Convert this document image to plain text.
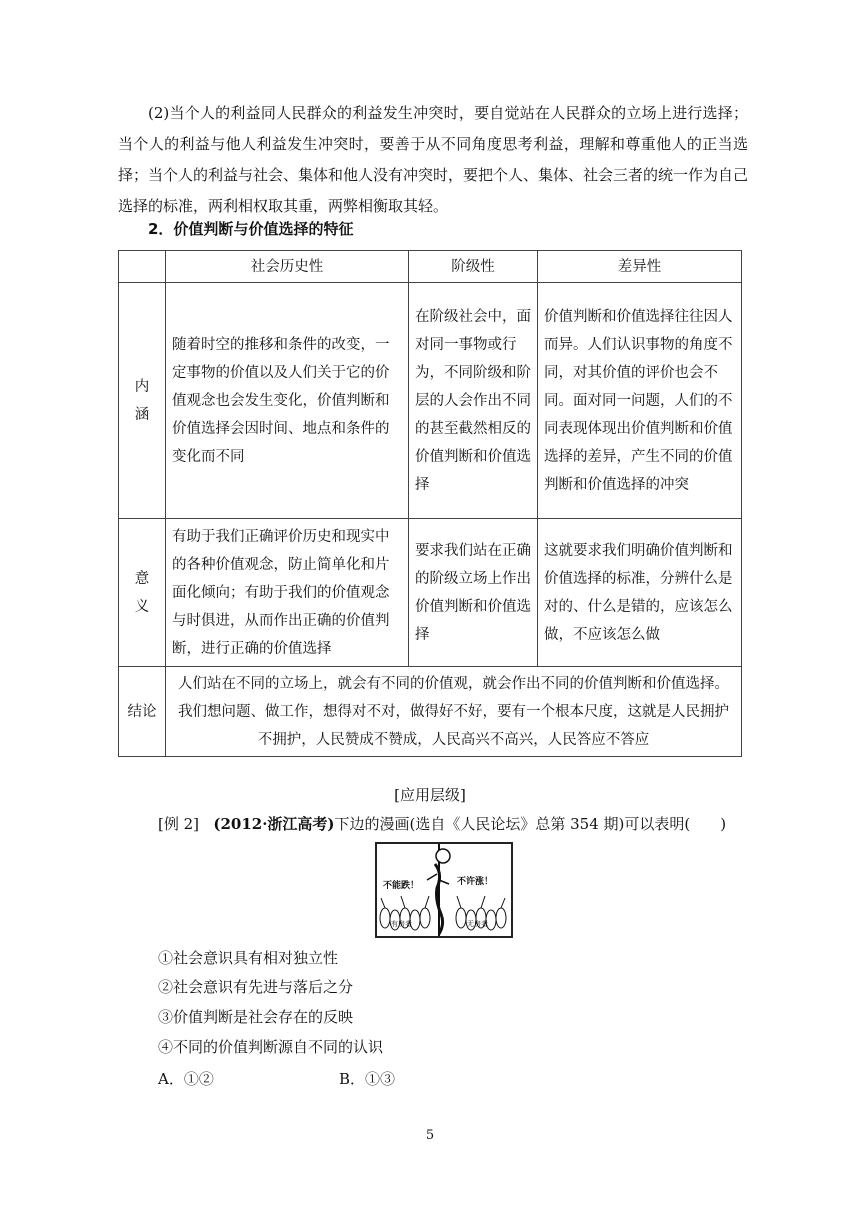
(2)当个人的利益同人民群众的利益发生冲突时，要自觉站在人民群众的立场上进行选择；当个人的利益与他人利益发生冲突时，要善于从不同角度思考利益，理解和尊重他人的正当选择；当个人的利益与社会、集体和他人没有冲突时，要把个人、集体、社会三者的统一作为自己选择的标准，两利相权取其重，两弊相衡取其轻。

2．价值判断与价值选择的特征

	社会历史性	阶级性	差异性

内
涵	随着时空的推移和条件的改变，一定事物的价值以及人们关于它的价值观念也会发生变化，价值判断和价值选择会因时间、地点和条件的变化而不同	在阶级社会中，面对同一事物或行为，不同阶级和阶层的人会作出不同的甚至截然相反的价值判断和价值选择	价值判断和价值选择往往因人而异。人们认识事物的角度不同，对其价值的评价也会不同。面对同一问题，人们的不同表现体现出价值判断和价值选择的差异，产生不同的价值判断和价值选择的冲突

意
义	有助于我们正确评价历史和现实中的各种价值观念，防止简单化和片面化倾向；有助于我们的价值观念与时俱进，从而作出正确的价值判断，进行正确的价值选择	要求我们站在正确的阶级立场上作出价值判断和价值选择	这就要求我们明确价值判断和价值选择的标准，分辨什么是对的、什么是错的，应该怎么做，不应该怎么做
结论	人们站在不同的立场上，就会有不同的价值观，就会作出不同的价值判断和价值选择。我们想问题、做工作，想得对不对，做得好不好，要有一个根本尺度，这就是人民拥护不拥护，人民赞成不赞成，人民高兴不高兴，人民答应不答应		
[应用层级]
[例 2] (2012·浙江高考)下边的漫画(选自《人民论坛》总第 354 期)可以表明(　　)
不能跌！	不许涨！
有房者	无房者
①社会意识具有相对独立性
②社会意识有先进与落后之分
③价值判断是社会存在的反映
④不同的价值判断源自不同的认识
A．①②	B．①③
5
